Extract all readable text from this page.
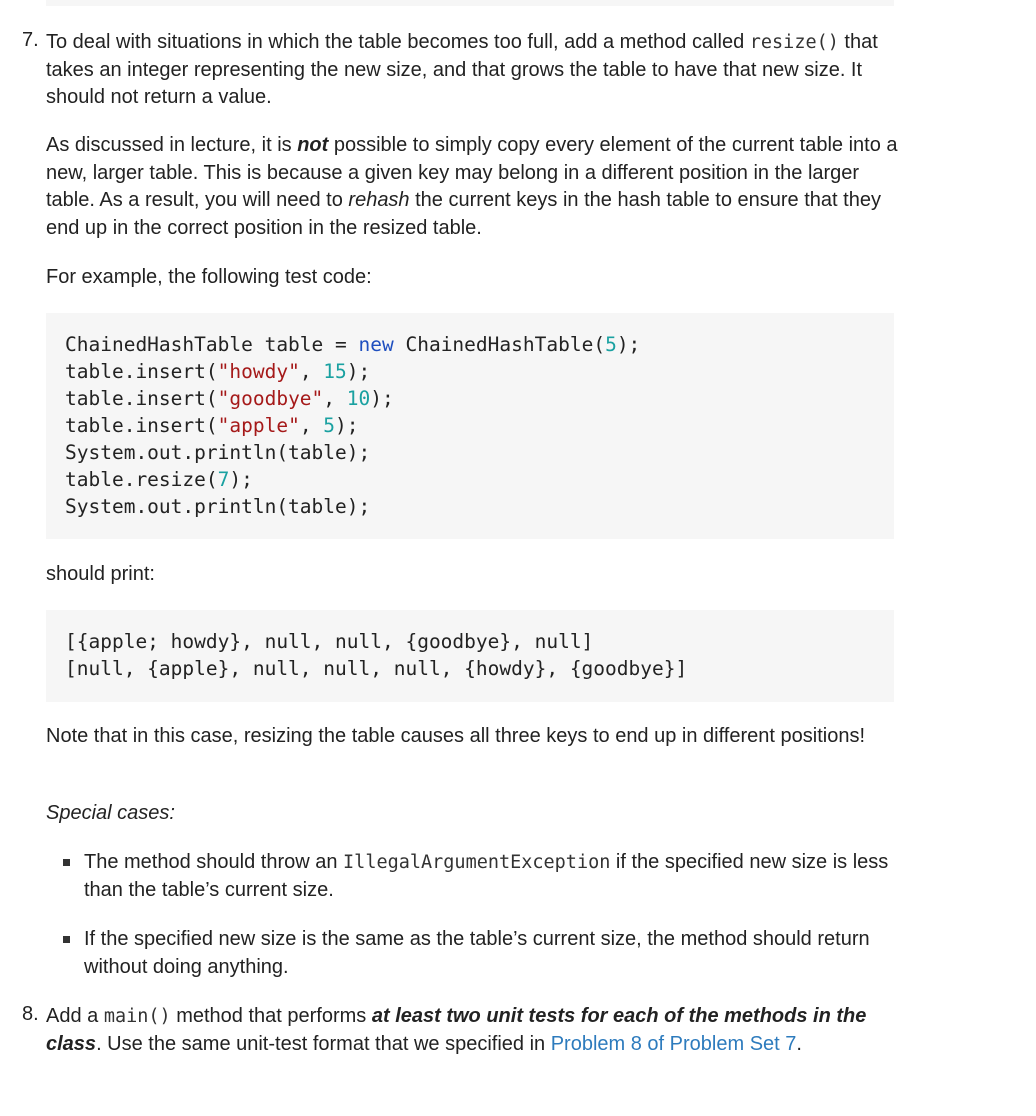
7. To deal with situations in which the table becomes too full, add a method called resize() that takes an integer representing the new size, and that grows the table to have that new size. It should not return a value.

As discussed in lecture, it is not possible to simply copy every element of the current table into a new, larger table. This is because a given key may belong in a different position in the larger table. As a result, you will need to rehash the current keys in the hash table to ensure that they end up in the correct position in the resized table.

For example, the following test code:

ChainedHashTable table = new ChainedHashTable(5);
table.insert("howdy", 15);
table.insert("goodbye", 10);
table.insert("apple", 5);
System.out.println(table);
table.resize(7);
System.out.println(table);

should print:

[{apple; howdy}, null, null, {goodbye}, null]
[null, {apple}, null, null, null, {howdy}, {goodbye}]

Note that in this case, resizing the table causes all three keys to end up in different positions!

Special cases:

The method should throw an IllegalArgumentException if the specified new size is less than the table’s current size.

If the specified new size is the same as the table’s current size, the method should return without doing anything.

8. Add a main() method that performs at least two unit tests for each of the methods in the class. Use the same unit-test format that we specified in Problem 8 of Problem Set 7.
